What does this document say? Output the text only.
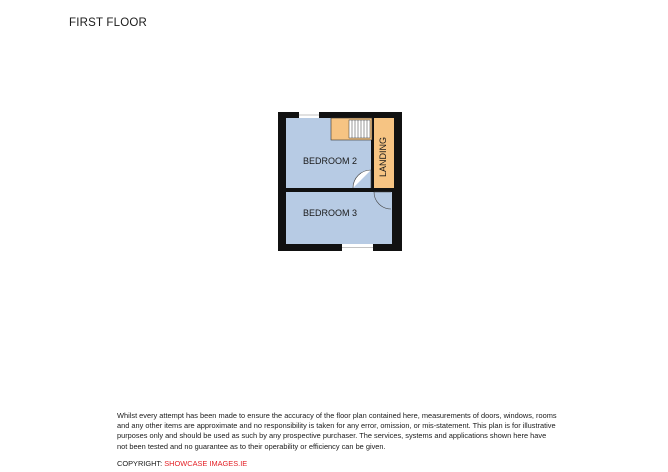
FIRST FLOOR
BEDROOM 2
BEDROOM 3
LANDING
Whilst every attempt has been made to ensure the accuracy of the floor plan contained here, measurements of doors, windows, rooms and any other items are approximate and no responsibility is taken for any error, omission, or mis-statement. This plan is for illustrative purposes only and should be used as such by any prospective purchaser. The services, systems and applications shown here have not been tested and no guarantee as to their operability or efficiency can be given.
COPYRIGHT: SHOWCASE IMAGES.IE
